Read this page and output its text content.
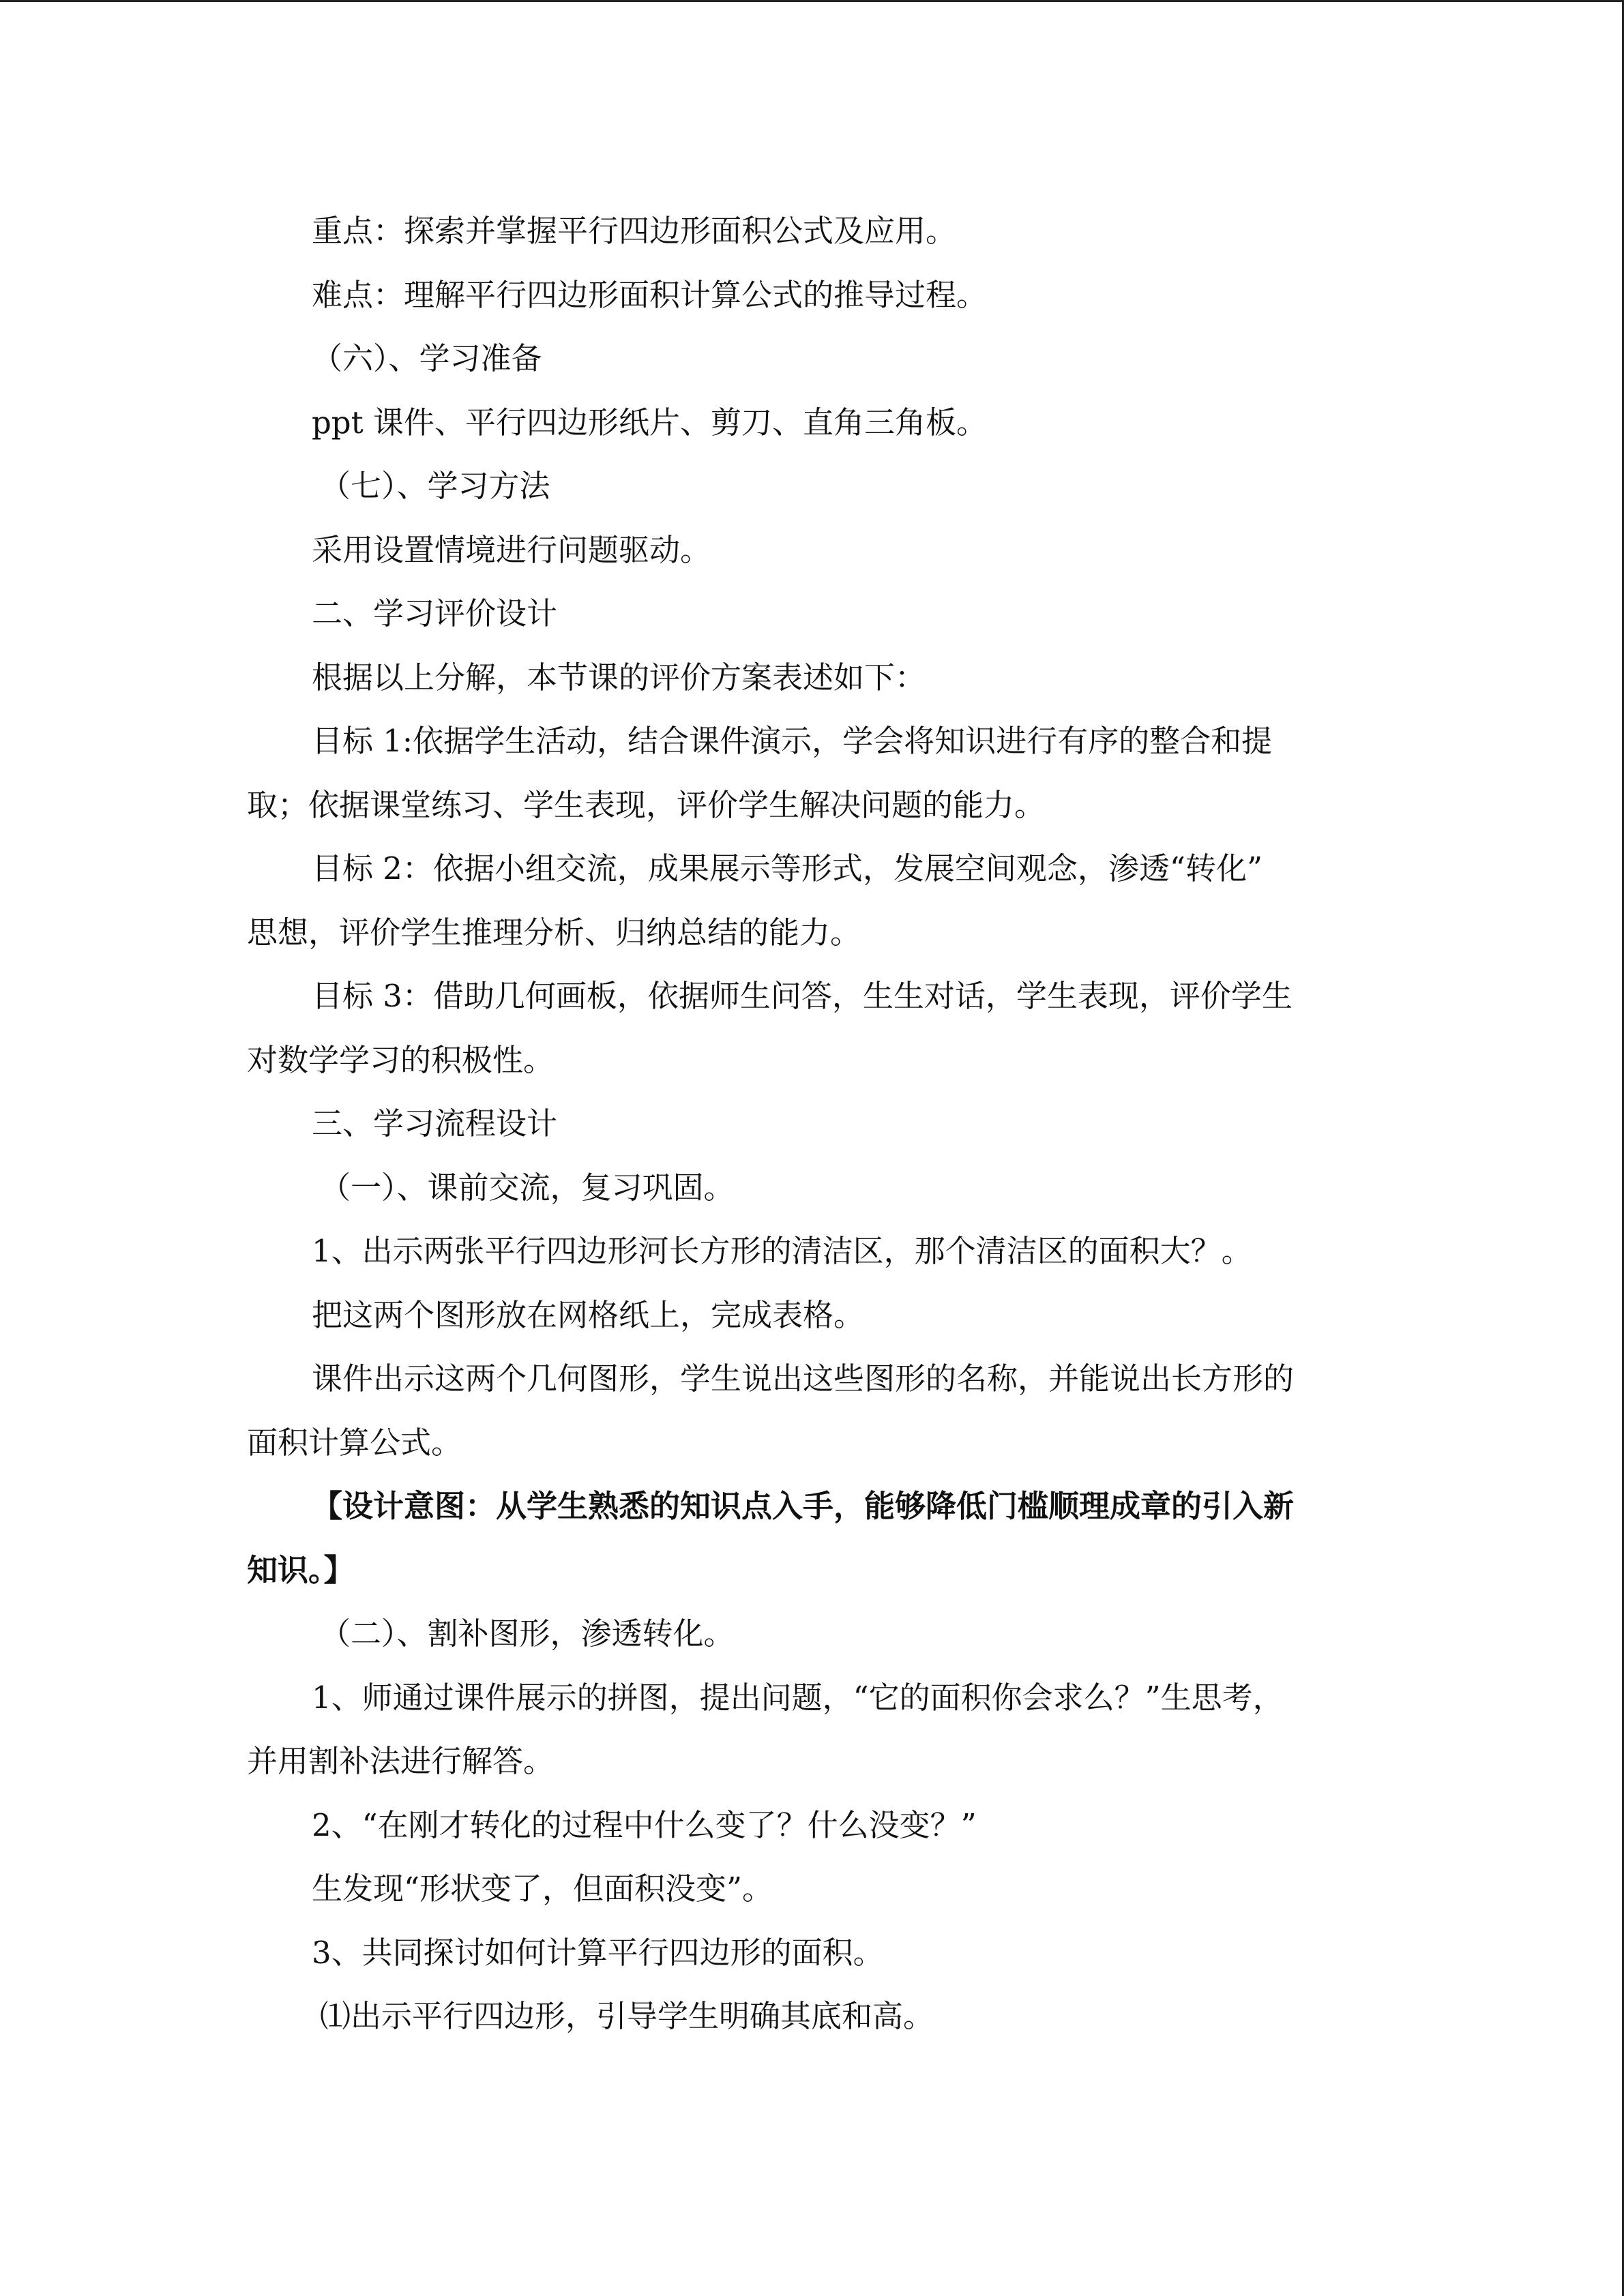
重点：探索并掌握平行四边形面积公式及应用。
难点：理解平行四边形面积计算公式的推导过程。
（六）、学习准备
ppt 课件、平行四边形纸片、剪刀、直角三角板。
（七）、学习方法
采用设置情境进行问题驱动。
二、学习评价设计
根据以上分解，本节课的评价方案表述如下：
目标 1:依据学生活动，结合课件演示，学会将知识进行有序的整合和提
取；依据课堂练习、学生表现，评价学生解决问题的能力。
目标 2：依据小组交流，成果展示等形式，发展空间观念，渗透“转化”
思想，评价学生推理分析、归纳总结的能力。
目标 3：借助几何画板，依据师生问答，生生对话，学生表现，评价学生
对数学学习的积极性。
三、学习流程设计
（一）、课前交流，复习巩固。
1、出示两张平行四边形河长方形的清洁区，那个清洁区的面积大？。
把这两个图形放在网格纸上，完成表格。
课件出示这两个几何图形，学生说出这些图形的名称，并能说出长方形的
面积计算公式。
【设计意图：从学生熟悉的知识点入手，能够降低门槛顺理成章的引入新
知识。】
（二）、割补图形，渗透转化。
1、师通过课件展示的拼图，提出问题，“它的面积你会求么？”生思考，
并用割补法进行解答。
2、“在刚才转化的过程中什么变了？什么没变？”
生发现“形状变了，但面积没变”。
3、共同探讨如何计算平行四边形的面积。
⑴出示平行四边形，引导学生明确其底和高。
